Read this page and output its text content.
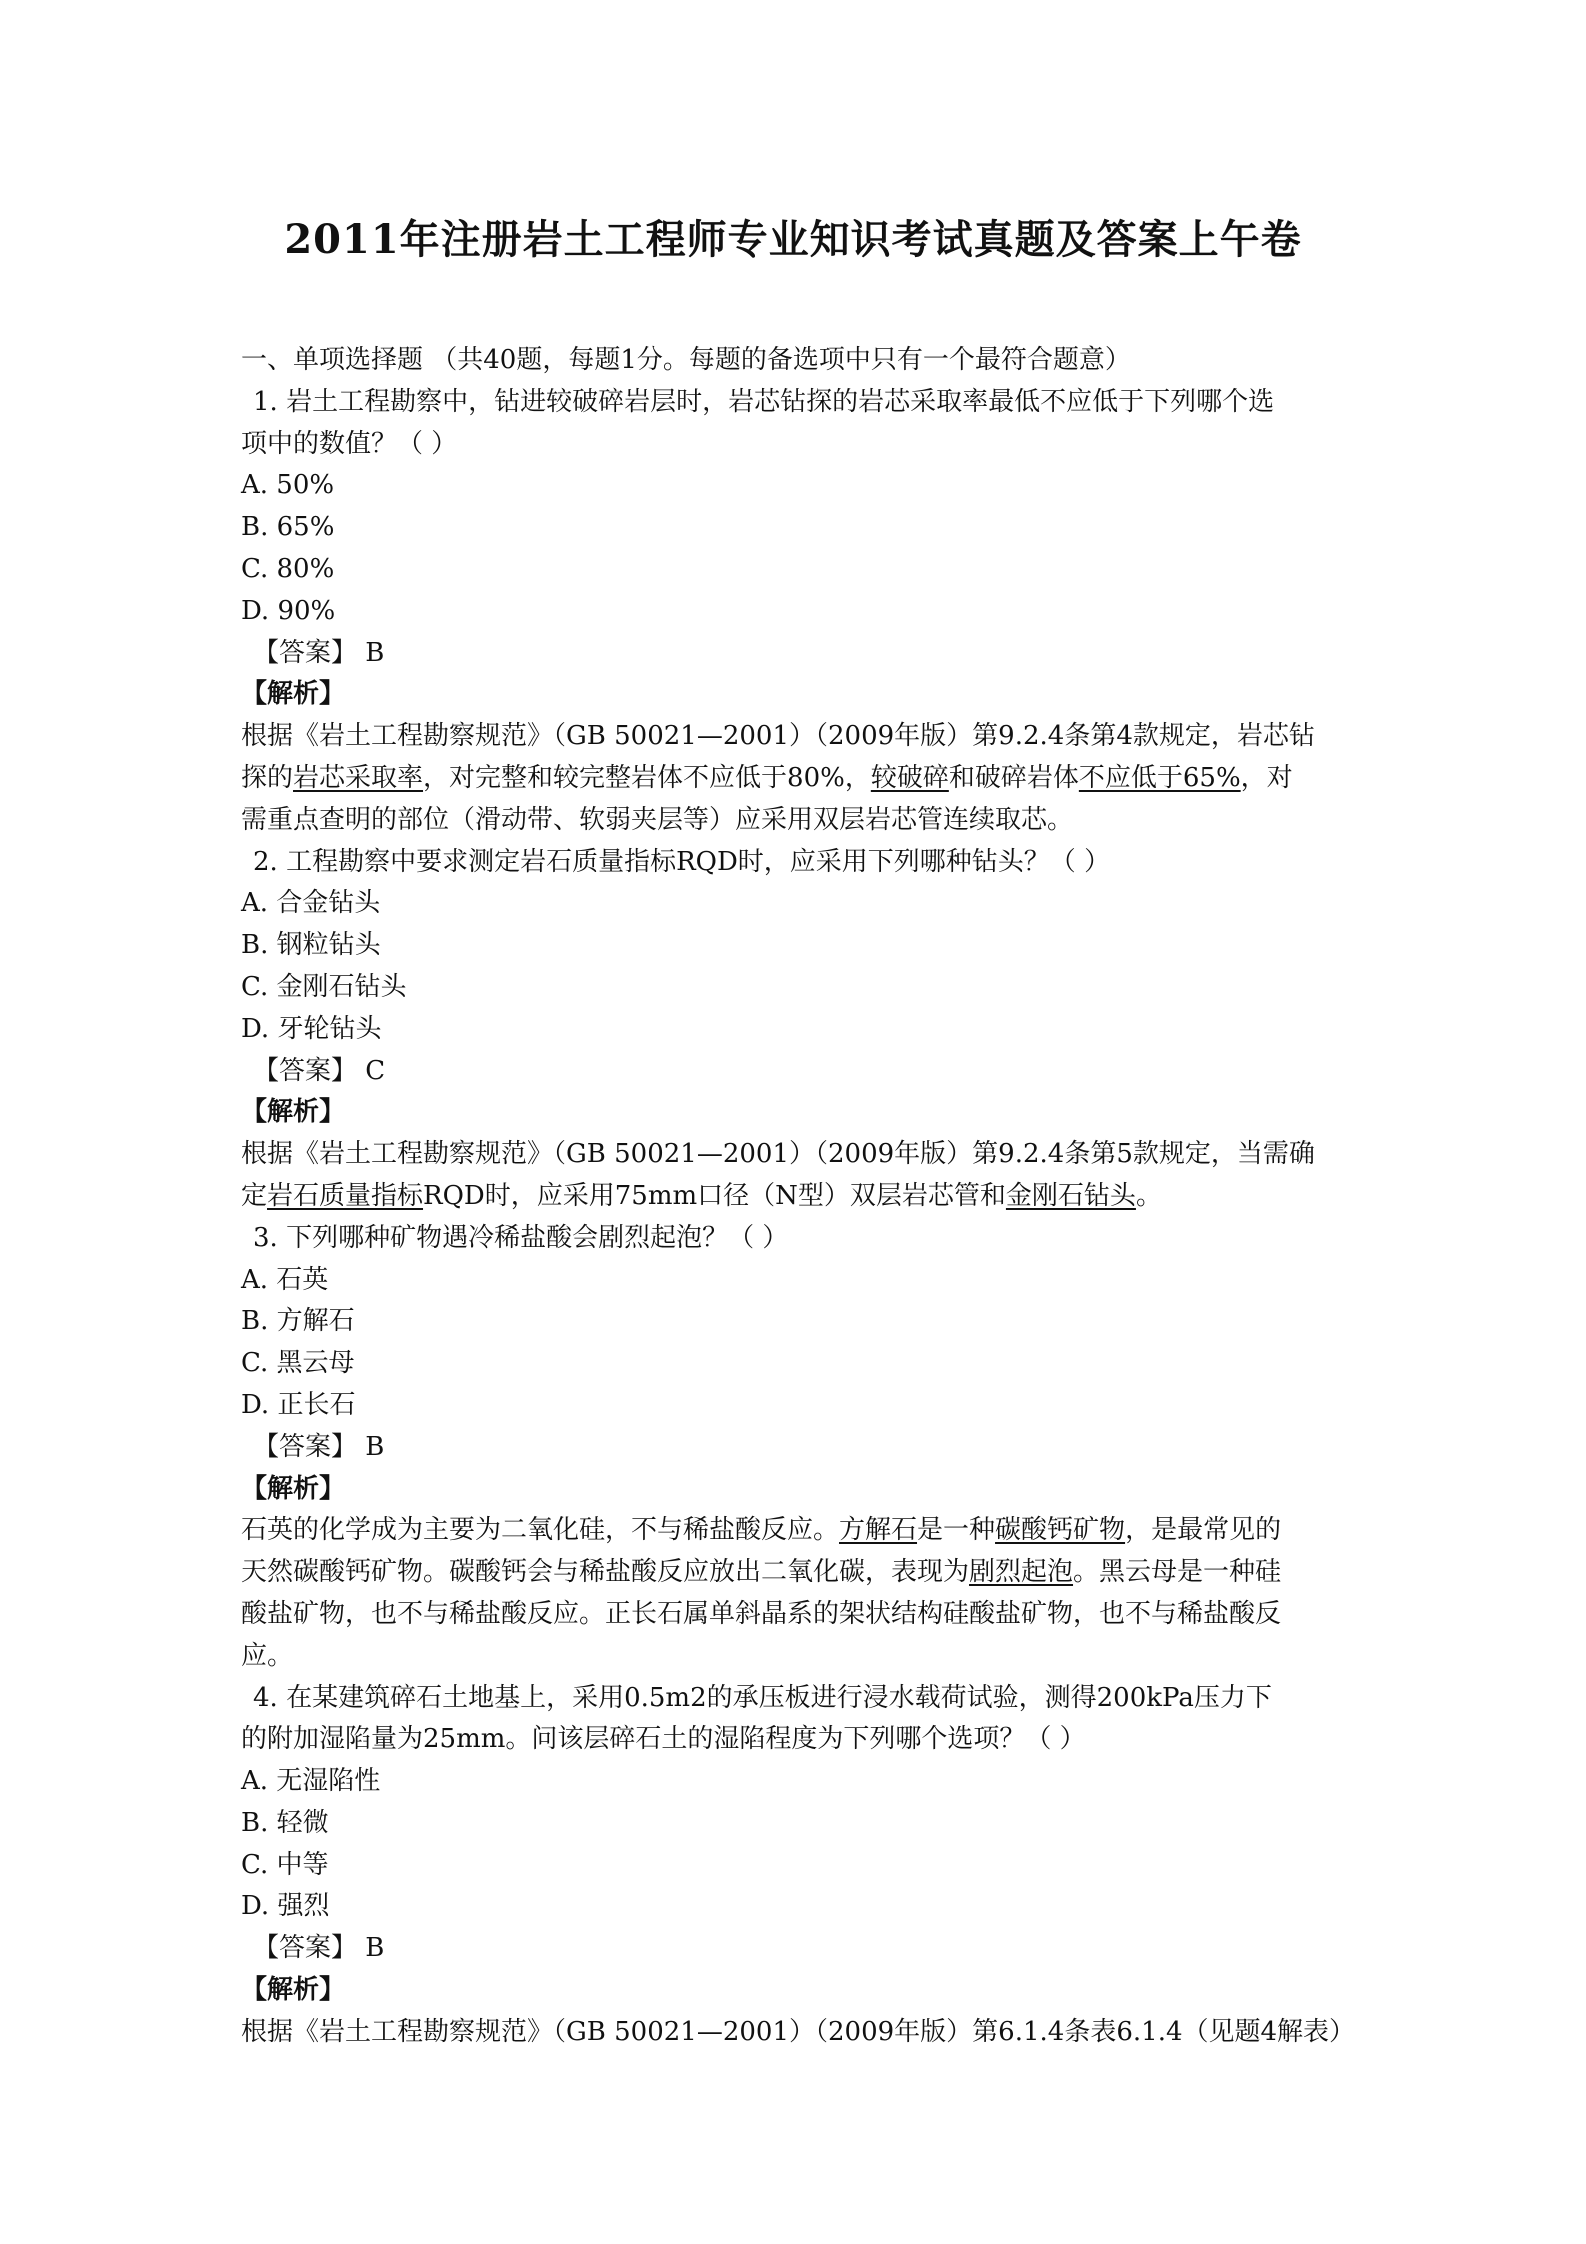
2011年注册岩土工程师专业知识考试真题及答案上午卷
一、单项选择题 （共40题，每题1分。每题的备选项中只有一个最符合题意）
1. 岩土工程勘察中，钻进较破碎岩层时，岩芯钻探的岩芯采取率最低不应低于下列哪个选
项中的数值？（ ）
A. 50%
B. 65%
C. 80%
D. 90%
【答案】 B
【解析】
根据《岩土工程勘察规范》（GB 50021—2001）（2009年版）第9.2.4条第4款规定，岩芯钻
探的岩芯采取率，对完整和较完整岩体不应低于80%，较破碎和破碎岩体不应低于65%，对
需重点查明的部位（滑动带、软弱夹层等）应采用双层岩芯管连续取芯。
2. 工程勘察中要求测定岩石质量指标RQD时，应采用下列哪种钻头？（ ）
A. 合金钻头
B. 钢粒钻头
C. 金刚石钻头
D. 牙轮钻头
【答案】 C
【解析】
根据《岩土工程勘察规范》（GB 50021—2001）（2009年版）第9.2.4条第5款规定，当需确
定岩石质量指标RQD时，应采用75mm口径（N型）双层岩芯管和金刚石钻头。
3. 下列哪种矿物遇冷稀盐酸会剧烈起泡？（ ）
A. 石英
B. 方解石
C. 黑云母
D. 正长石
【答案】 B
【解析】
石英的化学成为主要为二氧化硅，不与稀盐酸反应。方解石是一种碳酸钙矿物，是最常见的
天然碳酸钙矿物。碳酸钙会与稀盐酸反应放出二氧化碳，表现为剧烈起泡。黑云母是一种硅
酸盐矿物，也不与稀盐酸反应。正长石属单斜晶系的架状结构硅酸盐矿物，也不与稀盐酸反
应。
4. 在某建筑碎石土地基上，采用0.5m2的承压板进行浸水载荷试验，测得200kPa压力下
的附加湿陷量为25mm。问该层碎石土的湿陷程度为下列哪个选项？（ ）
A. 无湿陷性
B. 轻微
C. 中等
D. 强烈
【答案】 B
【解析】
根据《岩土工程勘察规范》（GB 50021—2001）（2009年版）第6.1.4条表6.1.4（见题4解表）
